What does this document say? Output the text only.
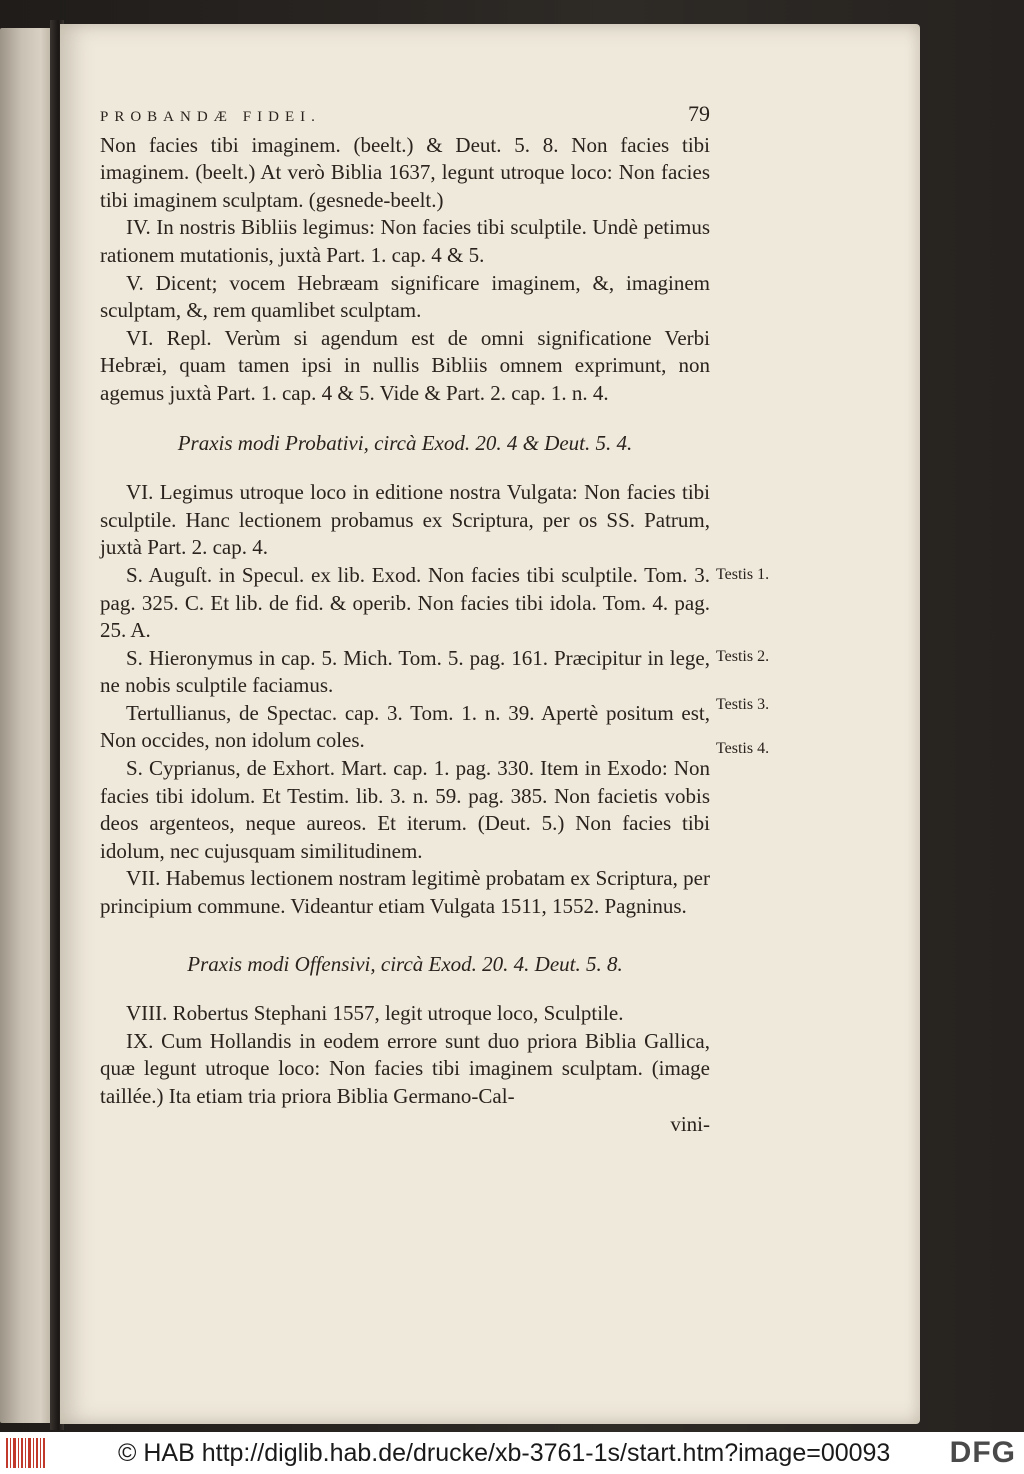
PROBANDÆ FIDEI.	79

Non facies tibi imaginem. (beelt.) & Deut. 5. 8. Non facies tibi imaginem. (beelt.) At verò Biblia 1637, legunt utroque loco: Non facies tibi imaginem sculptam. (gesnede-beelt.)

IV. In nostris Bibliis legimus: Non facies tibi sculptile. Undè petimus rationem mutationis, juxtà Part. 1. cap. 4 & 5.

V. Dicent; vocem Hebræam significare imaginem, &, imaginem sculptam, &, rem quamlibet sculptam.

VI. Repl. Verùm si agendum est de omni significatione Verbi Hebræi, quam tamen ipsi in nullis Bibliis omnem exprimunt, non agemus juxtà Part. 1. cap. 4 & 5. Vide & Part. 2. cap. 1. n. 4.

Praxis modi Probativi, circà Exod. 20. 4 & Deut. 5. 4.

VI. Legimus utroque loco in editione nostra Vulgata: Non facies tibi sculptile. Hanc lectionem probamus ex Scriptura, per os SS. Patrum, juxtà Part. 2. cap. 4.

S. Auguſt. in Specul. ex lib. Exod. Non facies tibi sculptile. Tom. 3. pag. 325. C. Et lib. de fid. & operib. Non facies tibi idola. Tom. 4. pag. 25. A.

S. Hieronymus in cap. 5. Mich. Tom. 5. pag. 161. Præcipitur in lege, ne nobis sculptile faciamus.

Tertullianus, de Spectac. cap. 3. Tom. 1. n. 39. Apertè positum est, Non occides, non idolum coles.

S. Cyprianus, de Exhort. Mart. cap. 1. pag. 330. Item in Exodo: Non facies tibi idolum. Et Testim. lib. 3. n. 59. pag. 385. Non facietis vobis deos argenteos, neque aureos. Et iterum. (Deut. 5.) Non facies tibi idolum, nec cujusquam similitudinem.

VII. Habemus lectionem nostram legitimè probatam ex Scriptura, per principium commune. Videantur etiam Vulgata 1511, 1552. Pagninus.

Praxis modi Offensivi, circà Exod. 20. 4. Deut. 5. 8.

VIII. Robertus Stephani 1557, legit utroque loco, Sculptile.

IX. Cum Hollandis in eodem errore sunt duo priora Biblia Gallica, quæ legunt utroque loco: Non facies tibi imaginem sculptam. (image taillée.) Ita etiam tria priora Biblia Germano-Cal-

vini-

Testis 1.
Testis 2.
Testis 3.
Testis 4.
© HAB http://diglib.hab.de/drucke/xb-3761-1s/start.htm?image=00093 DFG
